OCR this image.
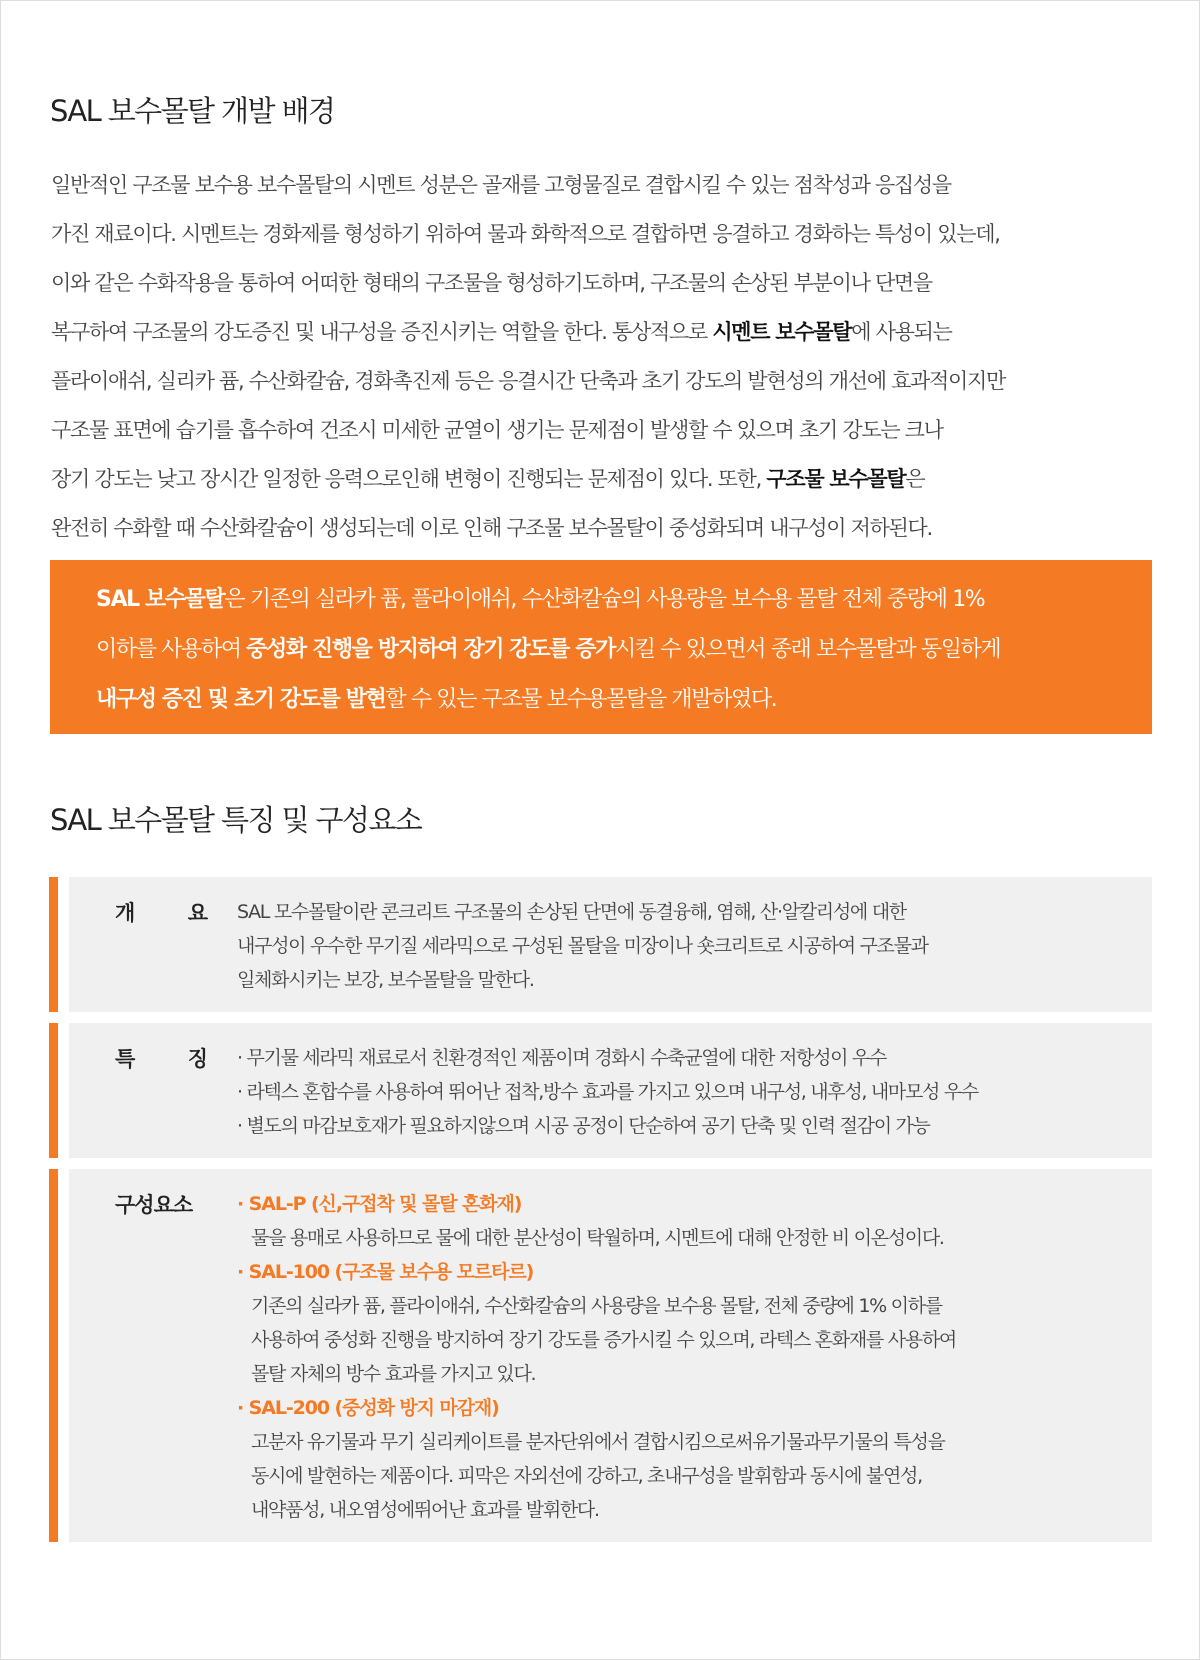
SAL 보수몰탈 개발 배경

일반적인 구조물 보수용 보수몰탈의 시멘트 성분은 골재를 고형물질로 결합시킬 수 있는 점착성과 응집성을

가진 재료이다. 시멘트는 경화제를 형성하기 위하여 물과 화학적으로 결합하면 응결하고 경화하는 특성이 있는데,

이와 같은 수화작용을 통하여 어떠한 형태의 구조물을 형성하기도하며, 구조물의 손상된 부분이나 단면을

복구하여 구조물의 강도증진 및 내구성을 증진시키는 역할을 한다. 통상적으로 시멘트 보수몰탈에 사용되는

플라이애쉬, 실리카 퓸, 수산화칼슘, 경화촉진제 등은 응결시간 단축과 초기 강도의 발현성의 개선에 효과적이지만

구조물 표면에 습기를 흡수하여 건조시 미세한 균열이 생기는 문제점이 발생할 수 있으며 초기 강도는 크나

장기 강도는 낮고 장시간 일정한 응력으로인해 변형이 진행되는 문제점이 있다. 또한, 구조물 보수몰탈은

완전히 수화할 때 수산화칼슘이 생성되는데 이로 인해 구조물 보수몰탈이 중성화되며 내구성이 저하된다.

SAL 보수몰탈은 기존의 실라카 퓸, 플라이애쉬, 수산화칼슘의 사용량을 보수용 몰탈 전체 중량에 1%

이하를 사용하여 중성화 진행을 방지하여 장기 강도를 증가시킬 수 있으면서 종래 보수몰탈과 동일하게

내구성 증진 및 초기 강도를 발현할 수 있는 구조물 보수용몰탈을 개발하였다.

SAL 보수몰탈 특징 및 구성요소
개	요 SAL 모수몰탈이란 콘크리트 구조물의 손상된 단면에 동결융해, 염해, 산·알칼리성에 대한

내구성이 우수한 무기질 세라믹으로 구성된 몰탈을 미장이나 숏크리트로 시공하여 구조물과

일체화시키는 보강, 보수몰탈을 말한다.

특	징 · 무기물 세라믹 재료로서 친환경적인 제품이며 경화시 수축균열에 대한 저항성이 우수

· 라텍스 혼합수를 사용하여 뛰어난 접착,방수 효과를 가지고 있으며 내구성, 내후성, 내마모성 우수

· 별도의 마감보호재가 필요하지않으며 시공 공정이 단순하여 공기 단축 및 인력 절감이 가능

구성요소 · SAL-P (신,구접착 및 몰탈 혼화재)

물을 용매로 사용하므로 물에 대한 분산성이 탁월하며, 시멘트에 대해 안정한 비 이온성이다.

· SAL-100 (구조물 보수용 모르타르)

기존의 실라카 퓸, 플라이애쉬, 수산화칼슘의 사용량을 보수용 몰탈, 전체 중량에 1% 이하를

사용하여 중성화 진행을 방지하여 장기 강도를 증가시킬 수 있으며, 라텍스 혼화재를 사용하여

몰탈 자체의 방수 효과를 가지고 있다.

· SAL-200 (중성화 방지 마감재)

고분자 유기물과 무기 실리케이트를 분자단위에서 결합시킴으로써유기물과무기물의 특성을

동시에 발현하는 제품이다. 피막은 자외선에 강하고, 초내구성을 발휘함과 동시에 불연성,

내약품성, 내오염성에뛰어난 효과를 발휘한다.
